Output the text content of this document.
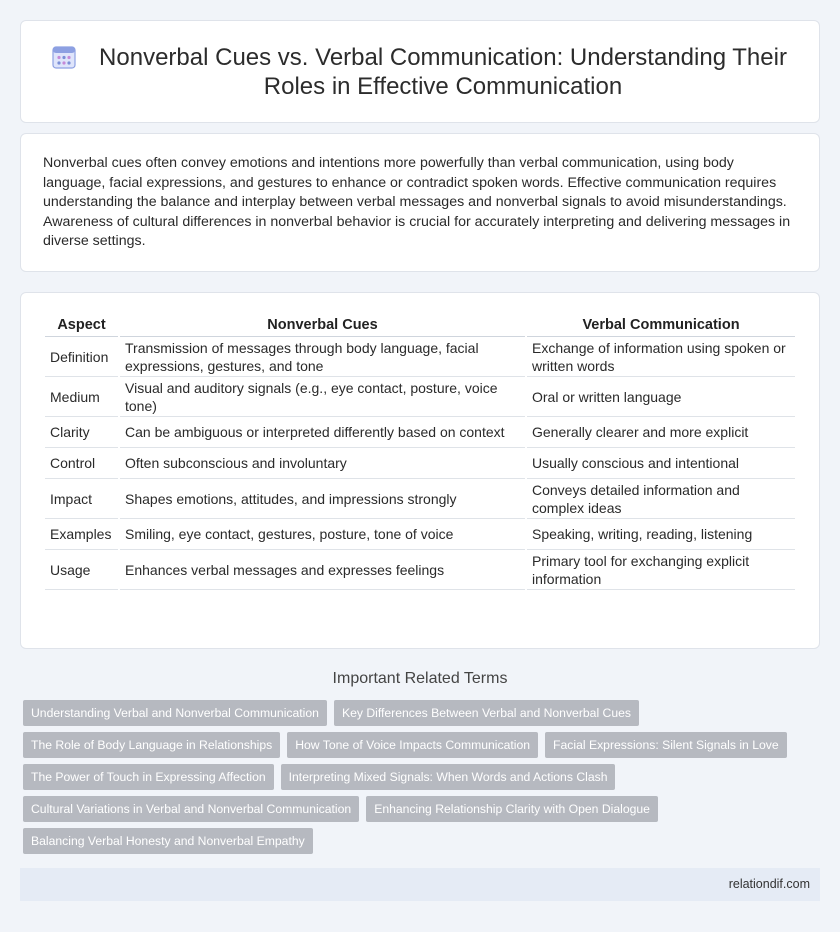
Nonverbal Cues vs. Verbal Communication: Understanding Their Roles in Effective Communication

Nonverbal cues often convey emotions and intentions more powerfully than verbal communication, using body language, facial expressions, and gestures to enhance or contradict spoken words. Effective communication requires understanding the balance and interplay between verbal messages and nonverbal signals to avoid misunderstandings. Awareness of cultural differences in nonverbal behavior is crucial for accurately interpreting and delivering messages in diverse settings.

Aspect	Nonverbal Cues	Verbal Communication
Definition	Transmission of messages through body language, facial expressions, gestures, and tone	Exchange of information using spoken or written words
Medium	Visual and auditory signals (e.g., eye contact, posture, voice tone)	Oral or written language
Clarity	Can be ambiguous or interpreted differently based on context	Generally clearer and more explicit
Control	Often subconscious and involuntary	Usually conscious and intentional
Impact	Shapes emotions, attitudes, and impressions strongly	Conveys detailed information and complex ideas
Examples	Smiling, eye contact, gestures, posture, tone of voice	Speaking, writing, reading, listening
Usage	Enhances verbal messages and expresses feelings	Primary tool for exchanging explicit information
Important Related Terms
Understanding Verbal and Nonverbal Communication	Key Differences Between Verbal and Nonverbal Cues
The Role of Body Language in Relationships	How Tone of Voice Impacts Communication	Facial Expressions: Silent Signals in Love
The Power of Touch in Expressing Affection	Interpreting Mixed Signals: When Words and Actions Clash
Cultural Variations in Verbal and Nonverbal Communication	Enhancing Relationship Clarity with Open Dialogue
Balancing Verbal Honesty and Nonverbal Empathy
relationdif.com
